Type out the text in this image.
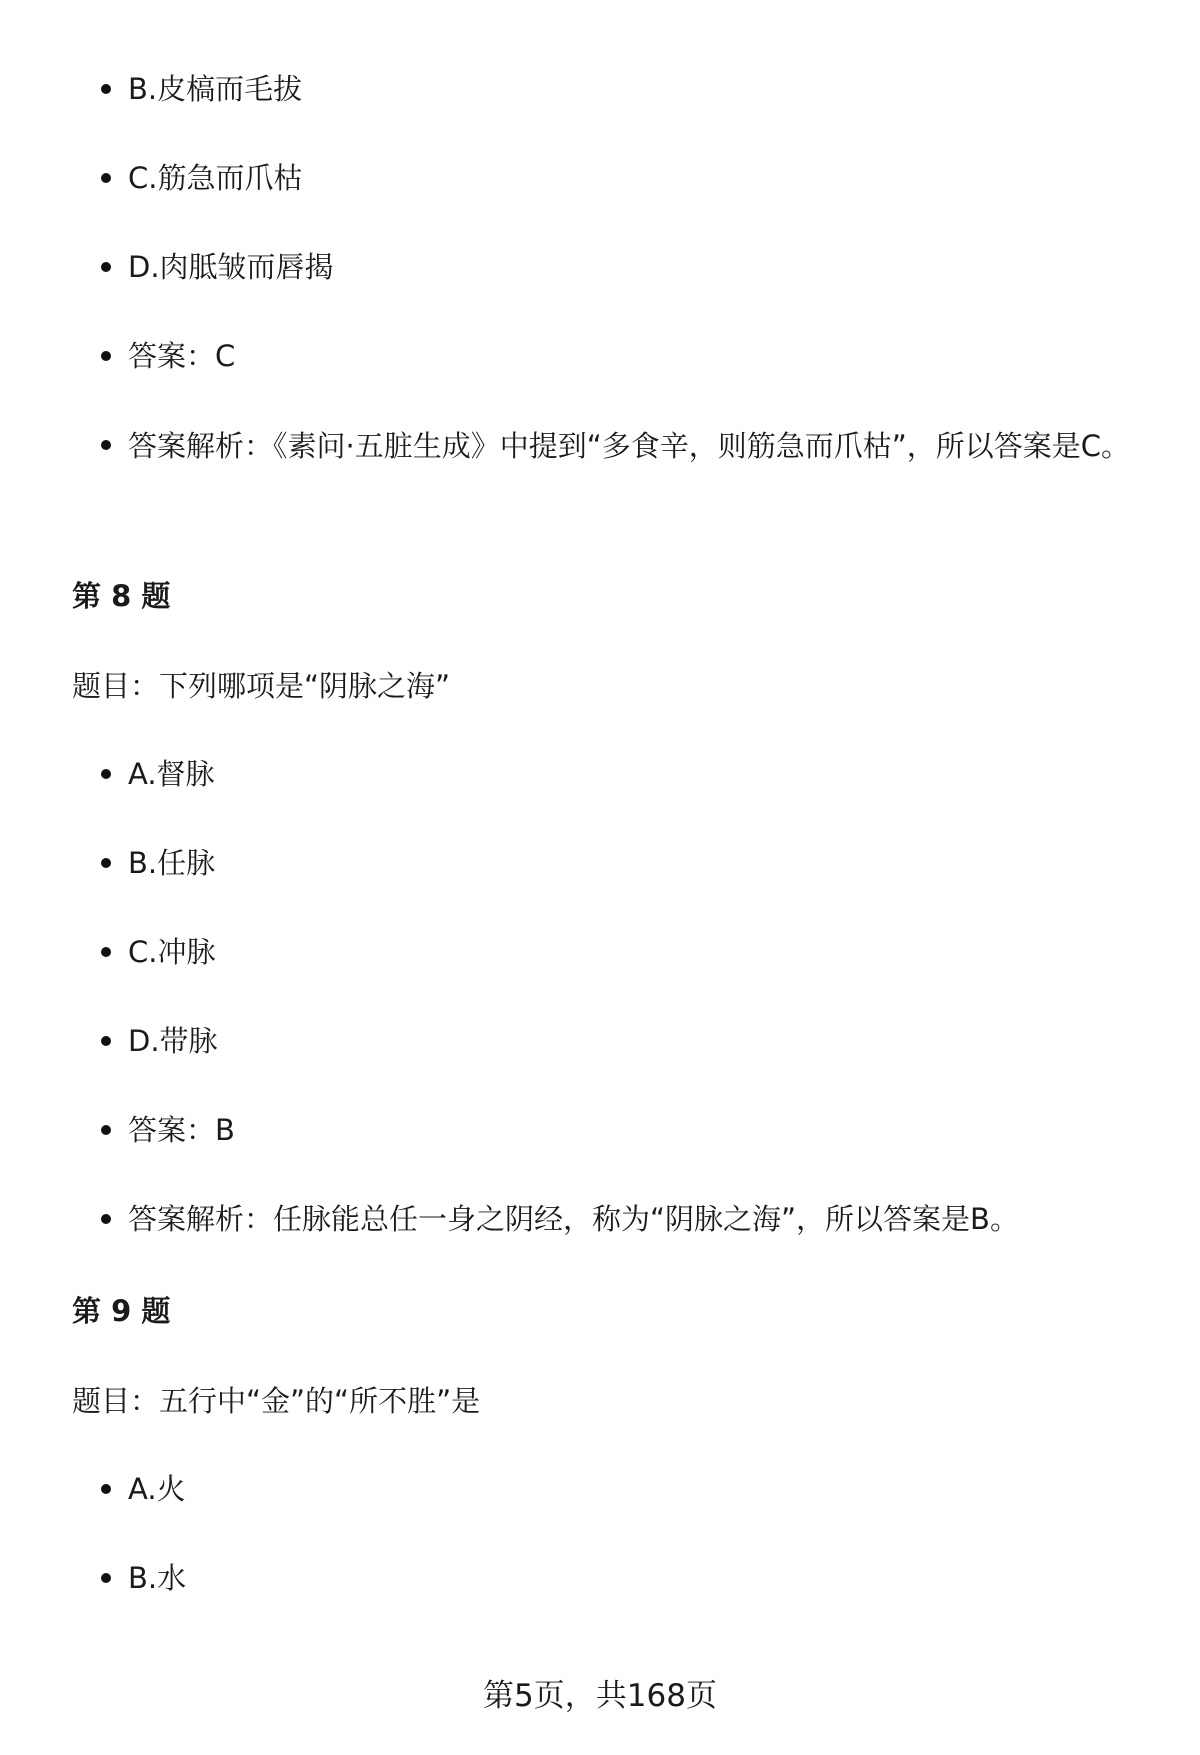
B.皮槁而毛拔
C.筋急而爪枯
D.肉胝皱而唇揭
答案：C
答案解析：《素问·五脏生成》中提到“多食辛，则筋急而爪枯”，所以答案是C。
第 8 题
题目：下列哪项是“阴脉之海”
A.督脉
B.任脉
C.冲脉
D.带脉
答案：B
答案解析：任脉能总任一身之阴经，称为“阴脉之海”，所以答案是B。
第 9 题
题目：五行中“金”的“所不胜”是
A.火
B.水
第5页，共168页
